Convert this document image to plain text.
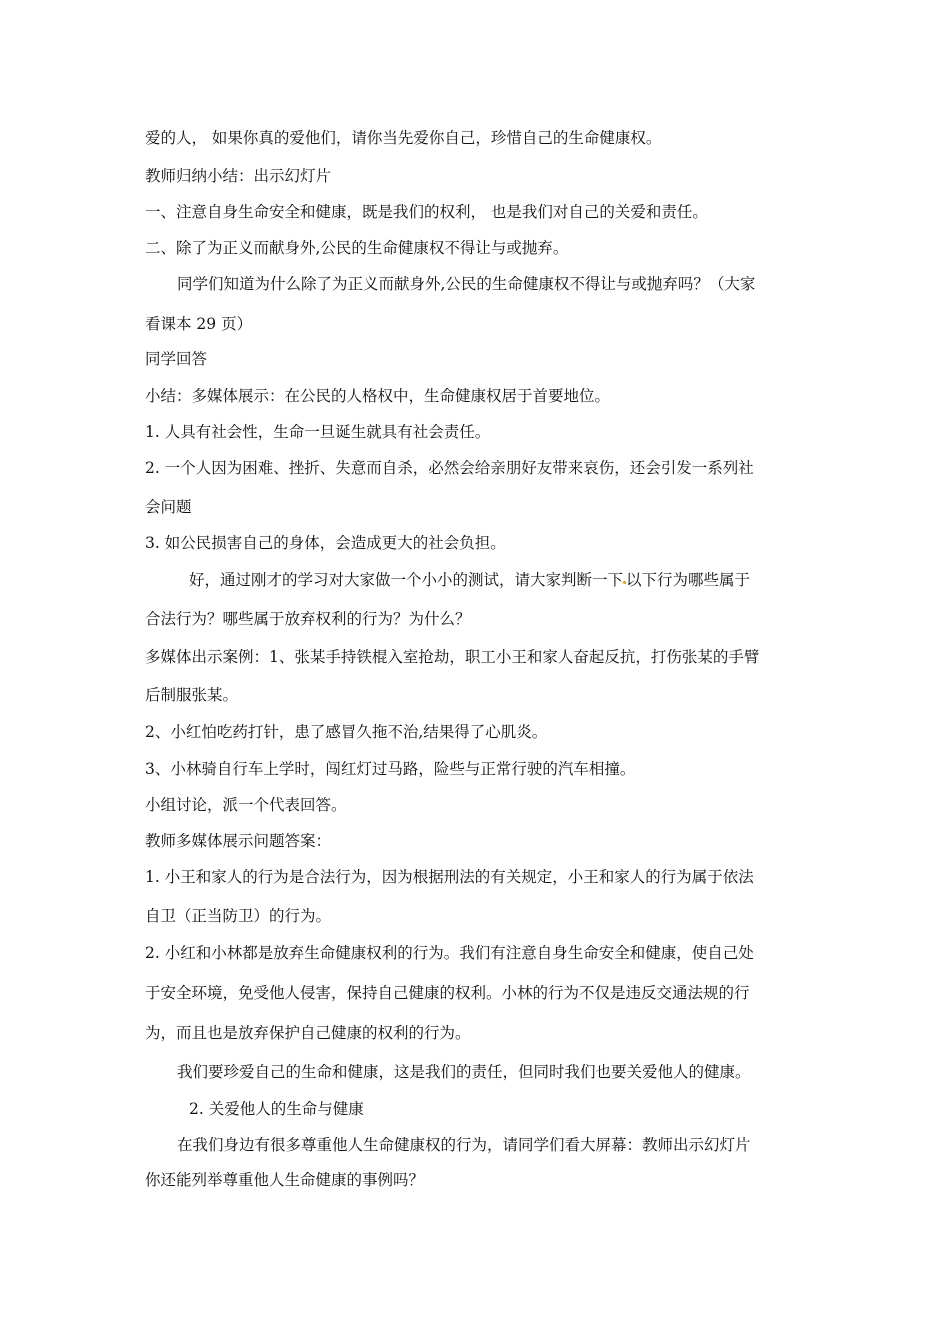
爱的人， 如果你真的爱他们，请你当先爱你自己，珍惜自己的生命健康权。
教师归纳小结：出示幻灯片
一、注意自身生命安全和健康，既是我们的权利， 也是我们对自己的关爱和责任。
二、除了为正义而献身外,公民的生命健康权不得让与或抛弃。
同学们知道为什么除了为正义而献身外,公民的生命健康权不得让与或抛弃吗？（大家
看课本 29 页）
同学回答
小结：多媒体展示：在公民的人格权中，生命健康权居于首要地位。
1. 人具有社会性，生命一旦诞生就具有社会责任。
2. 一个人因为困难、挫折、失意而自杀，必然会给亲朋好友带来哀伤，还会引发一系列社
会问题
3. 如公民损害自己的身体，会造成更大的社会负担。
好，通过刚才的学习对大家做一个小小的测试，请大家判断一下 以下行为哪些属于
合法行为？哪些属于放弃权利的行为？为什么？
多媒体出示案例：1、张某手持铁棍入室抢劫，职工小王和家人奋起反抗，打伤张某的手臂
后制服张某。
2、小红怕吃药打针，患了感冒久拖不治,结果得了心肌炎。
3、小林骑自行车上学时，闯红灯过马路，险些与正常行驶的汽车相撞。
小组讨论，派一个代表回答。
教师多媒体展示问题答案：
1. 小王和家人的行为是合法行为，因为根据刑法的有关规定，小王和家人的行为属于依法
自卫（正当防卫）的行为。
2. 小红和小林都是放弃生命健康权利的行为。我们有注意自身生命安全和健康，使自己处
于安全环境，免受他人侵害，保持自己健康的权利。小林的行为不仅是违反交通法规的行
为，而且也是放弃保护自己健康的权利的行为。
我们要珍爱自己的生命和健康，这是我们的责任，但同时我们也要关爱他人的健康。
2. 关爱他人的生命与健康
在我们身边有很多尊重他人生命健康权的行为，请同学们看大屏幕：教师出示幻灯片
你还能列举尊重他人生命健康的事例吗？
